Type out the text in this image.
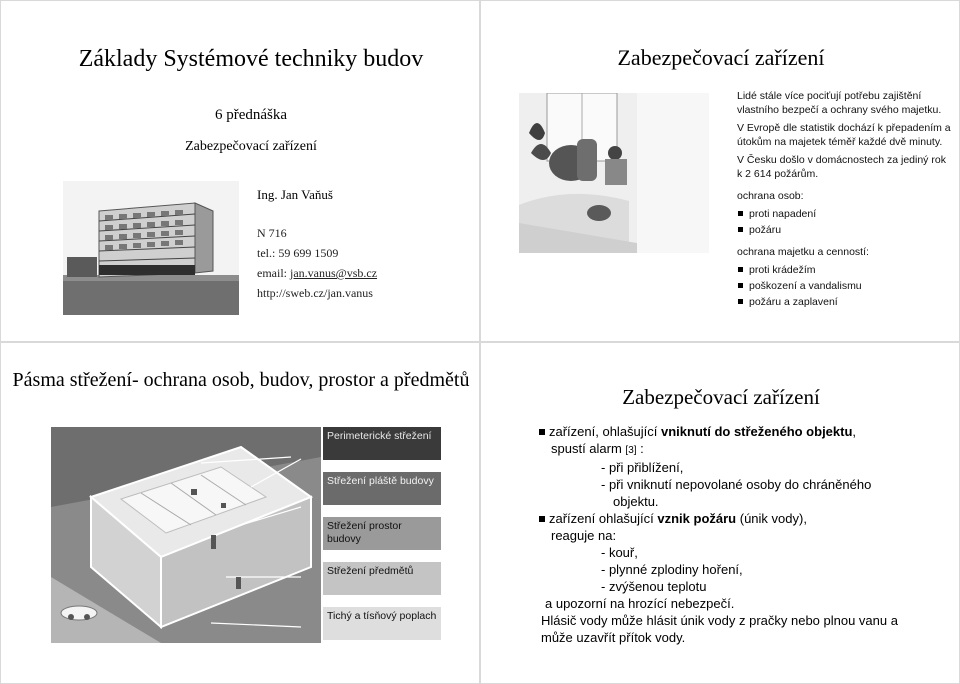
Základy Systémové techniky budov
6 přednáška
Zabezpečovací zařízení
Ing. Jan Vaňuš
N 716
tel.: 59 699 1509
email: jan.vanus@vsb.cz
http://sweb.cz/jan.vanus
Zabezpečovací zařízení

Lidé stále více pociťují potřebu zajištění vlastního bezpečí a ochrany svého majetku.

V Evropě dle statistik dochází k přepadením a útokům na majetek téměř každé dvě minuty.

V Česku došlo v domácnostech za jediný rok k 2 614 požárům.

ochrana osob:

proti napadení
požáru

ochrana majetku a cenností:

proti krádežím
poškození a vandalismu
požáru a zaplavení
Pásma střežení- ochrana osob, budov, prostor a předmětů
Perimeterické střežení
Střežení pláště budovy
Střežení prostor budovy
Střežení předmětů
Tichý a tísňový poplach
Zabezpečovací zařízení
zařízení, ohlašující vniknutí do střeženého objektu,
spustí alarm [3] :
- při přiblížení,
- při vniknutí nepovolané osoby do chráněného
objektu.
zařízení ohlašující vznik požáru (únik vody),
reaguje na:
- kouř,
- plynné zplodiny hoření,
- zvýšenou teplotu
a upozorní na hrozící nebezpečí.
Hlásič vody může hlásit únik vody z pračky nebo plnou vanu a
může uzavřít přítok vody.
